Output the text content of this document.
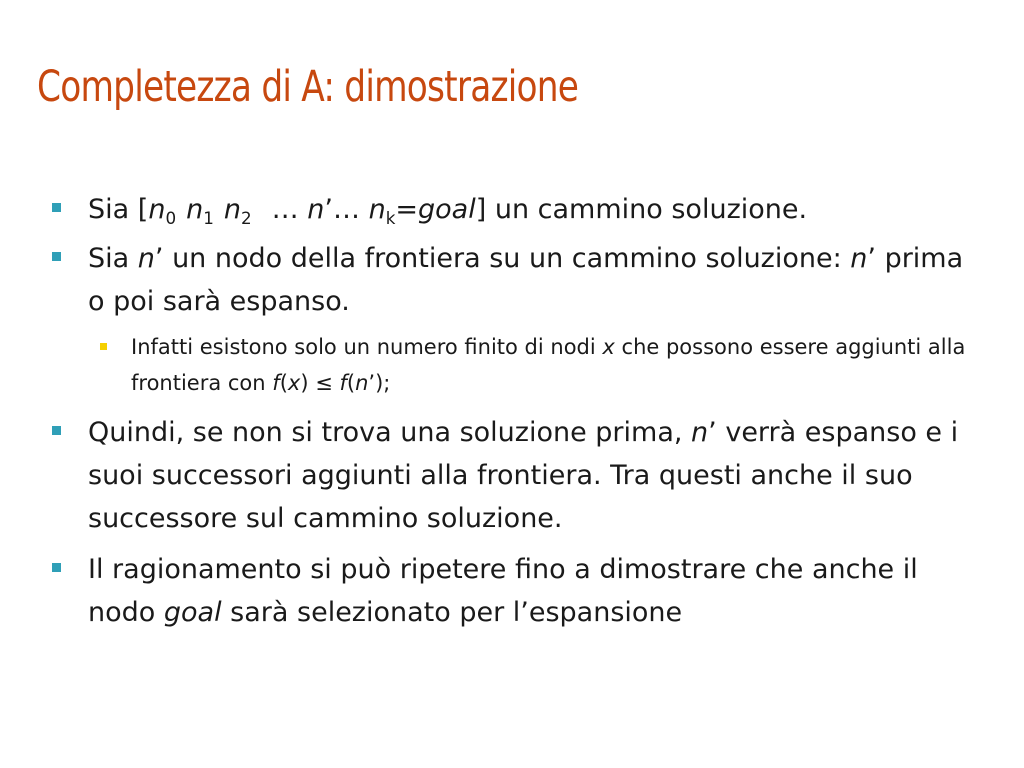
Completezza di A: dimostrazione
Sia [$n_0$ $n_1$ $n_2$ … n’… $n_k=goal$] un cammino soluzione.
Sia n’ un nodo della frontiera su un cammino soluzione: n’ prima o poi sarà espanso.
Infatti esistono solo un numero finito di nodi x che possono essere aggiunti alla frontiera con f(x) ≤ f(n’);
Quindi, se non si trova una soluzione prima, n’ verrà espanso e i suoi successori aggiunti alla frontiera. Tra questi anche il suo successore sul cammino soluzione.
Il ragionamento si può ripetere fino a dimostrare che anche il nodo goal sarà selezionato per l’espansione
